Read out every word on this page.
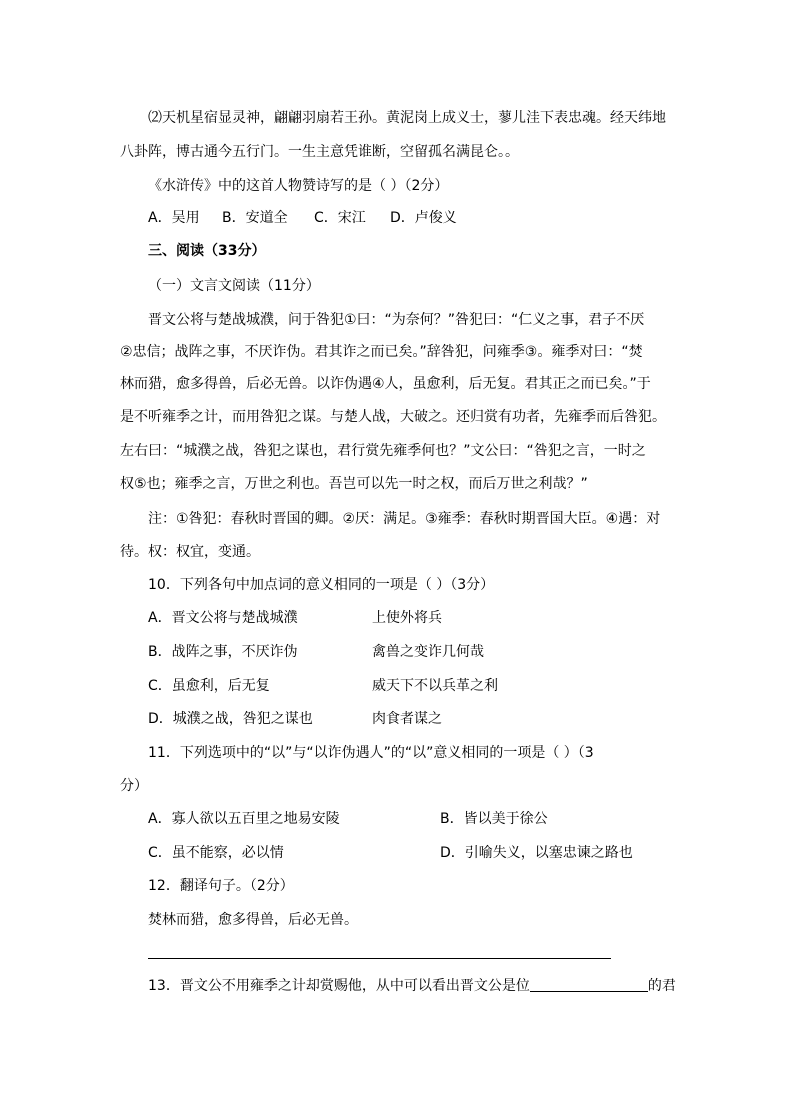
⑵天机星宿显灵神，翩翩羽扇若王孙。黄泥岗上成义士，蓼儿洼下表忠魂。经天纬地
八卦阵，博古通今五行门。一生主意凭谁断，空留孤名满昆仑。。
《水浒传》中的这首人物赞诗写的是（ ）（2分）
A．吴用 B．安道全 C．宋江 D．卢俊义
三、阅读（33分）
（一）文言文阅读（11分）
晋文公将与楚战城濮，问于咎犯①曰：“为奈何？”咎犯曰：“仁义之事，君子不厌
②忠信；战阵之事，不厌诈伪。君其诈之而已矣。”辞咎犯，问雍季③。雍季对曰：“焚
林而猎，愈多得兽，后必无兽。以诈伪遇④人，虽愈利，后无复。君其正之而已矣。”于
是不听雍季之计，而用咎犯之谋。与楚人战，大破之。还归赏有功者，先雍季而后咎犯。
左右曰：“城濮之战，咎犯之谋也，君行赏先雍季何也？”文公曰：“咎犯之言，一时之
权⑤也；雍季之言，万世之利也。吾岂可以先一时之权，而后万世之利哉？”
注：①咎犯：春秋时晋国的卿。②厌：满足。③雍季：春秋时期晋国大臣。④遇：对
待。权：权宜，变通。
10．下列各句中加点词的意义相同的一项是（ ）（3分）
A．晋文公将与楚战城濮	上使外将兵
B．战阵之事，不厌诈伪	禽兽之变诈几何哉
C．虽愈利，后无复	威天下不以兵革之利
D．城濮之战，咎犯之谋也	肉食者谋之
11．下列选项中的“以”与“以诈伪遇人”的“以”意义相同的一项是（ ）（3
分）
A．寡人欲以五百里之地易安陵	B．皆以美于徐公
C．虽不能察，必以情	D．引喻失义，以塞忠谏之路也
12．翻译句子。（2分）
焚林而猎，愈多得兽，后必无兽。
13．晋文公不用雍季之计却赏赐他，从中可以看出晋文公是位	的君
